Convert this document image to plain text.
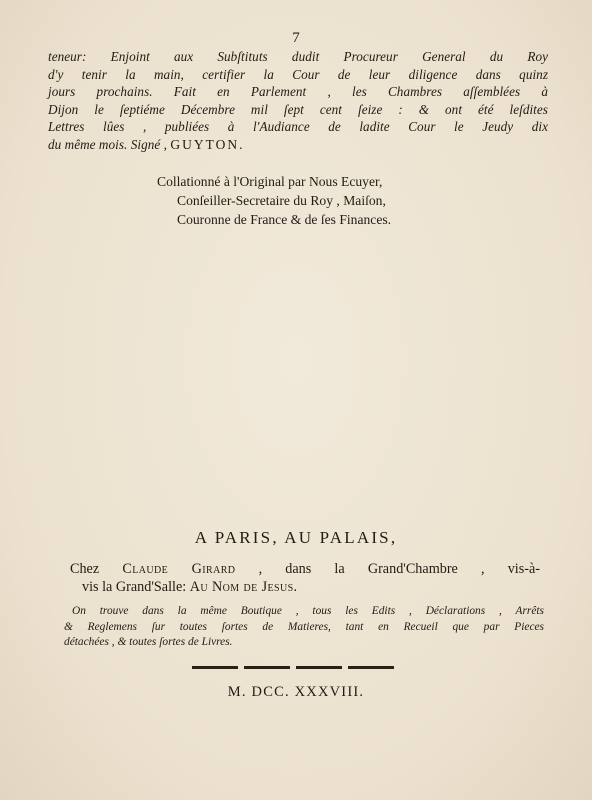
7
teneur: Enjoint aux Subſtituts dudit Procureur General du Roy
d'y tenir la main, certifier la Cour de leur diligence dans quinz
jours prochains. Fait en Parlement , les Chambres aſſemblées à
Dijon le ſeptiéme Décembre mil ſept cent ſeize : & ont été leſdites
Lettres lûes , publiées à l'Audiance de ladite Cour le Jeudy dix
du même mois. Signé , GUYTON.
Collationné à l'Original par Nous Ecuyer,
Conſeiller-Secretaire du Roy , Maiſon,
Couronne de France & de ſes Finances.
A PARIS, AU PALAIS,
Chez Claude Girard , dans la Grand'Chambre , vis-à-
vis la Grand'Salle: Au Nom de Jesus.
On trouve dans la même Boutique , tous les Edits , Déclarations , Arrêts
& Reglemens ſur toutes ſortes de Matieres, tant en Recueil que par Pieces
détachées , & toutes ſortes de Livres.
M. DCC. XXXVIII.
